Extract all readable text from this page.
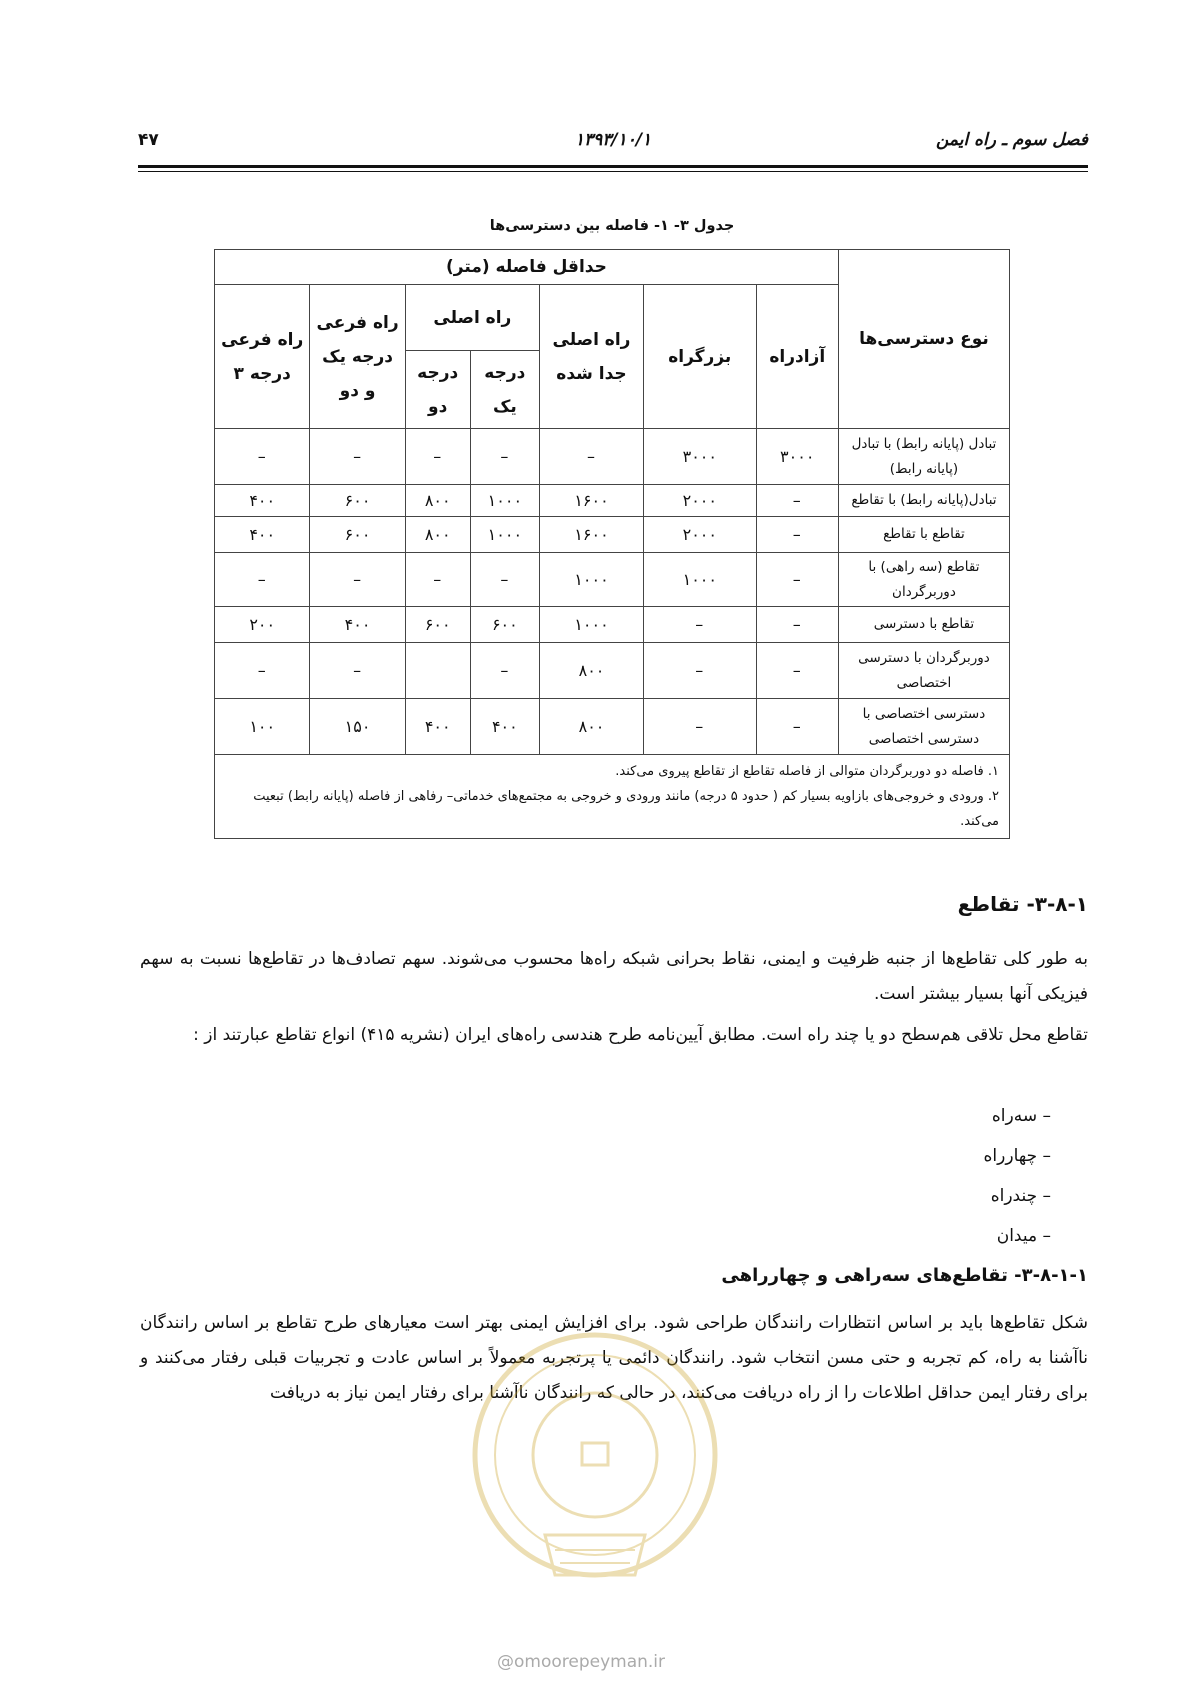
فصل سوم ـ راه ایمن
۱۳۹۳/۱۰/۱
۴۷
جدول ۳- ۱- فاصله بین دسترسی‌ها
نوع دسترسی‌ها	حداقل فاصله (متر)						
	آزادراه	بزرگراه	راه اصلی جدا شده	راه اصلی		راه فرعی درجه یک و دو	راه فرعی درجه ۳
				درجه یک	درجه دو		
تبادل (پایانه رابط) با تبادل (پایانه رابط)	۳۰۰۰	۳۰۰۰	–	–	–	–	–
تبادل(پایانه رابط) با تقاطع	–	۲۰۰۰	۱۶۰۰	۱۰۰۰	۸۰۰	۶۰۰	۴۰۰
تقاطع با تقاطع	–	۲۰۰۰	۱۶۰۰	۱۰۰۰	۸۰۰	۶۰۰	۴۰۰
تقاطع (سه راهی) با دوربرگردان	–	۱۰۰۰	۱۰۰۰	–	–	–	–
تقاطع با دسترسی	–	–	۱۰۰۰	۶۰۰	۶۰۰	۴۰۰	۲۰۰
دوربرگردان با دسترسی اختصاصی	–	–	۸۰۰	–		–	–
دسترسی اختصاصی با دسترسی اختصاصی	–	–	۸۰۰	۴۰۰	۴۰۰	۱۵۰	۱۰۰

۱. فاصله دو دوربرگردان متوالی از فاصله تقاطع از تقاطع پیروی می‌کند.
۲. ورودی و خروجی‌های بازاویه بسیار کم ( حدود ۵ درجه) مانند ورودی و خروجی به مجتمع‌های خدماتی– رفاهی از فاصله (پایانه رابط) تبعیت می‌کند.							
۳-۸-۱- تقاطع
به طور کلی تقاطع‌ها از جنبه ظرفیت و ایمنی، نقاط بحرانی شبکه راه‌ها محسوب می‌شوند. سهم تصادف‌ها در تقاطع‌ها نسبت به سهم فیزیکی آنها بسیار بیشتر است.
تقاطع محل تلاقی هم‌سطح دو یا چند راه است. مطابق آیین‌نامه طرح هندسی راه‌های ایران (نشریه ۴۱۵) انواع تقاطع عبارتند از :
– سه‌راه
– چهارراه
– چندراه
– میدان
۳-۸-۱-۱- تقاطع‌های سه‌راهی و چهارراهی
شکل تقاطع‌ها باید بر اساس انتظارات رانندگان طراحی شود. برای افزایش ایمنی بهتر است معیارهای طرح تقاطع بر اساس رانندگان ناآشنا به راه، کم تجربه و حتی مسن انتخاب شود. رانندگان دائمی یا پرتجربه معمولاً بر اساس عادت و تجربیات قبلی رفتار می‌کنند و برای رفتار ایمن حداقل اطلاعات را از راه دریافت می‌کنند، در حالی که رانندگان ناآشنا برای رفتار ایمن نیاز به دریافت
@omoorepeyman.ir
